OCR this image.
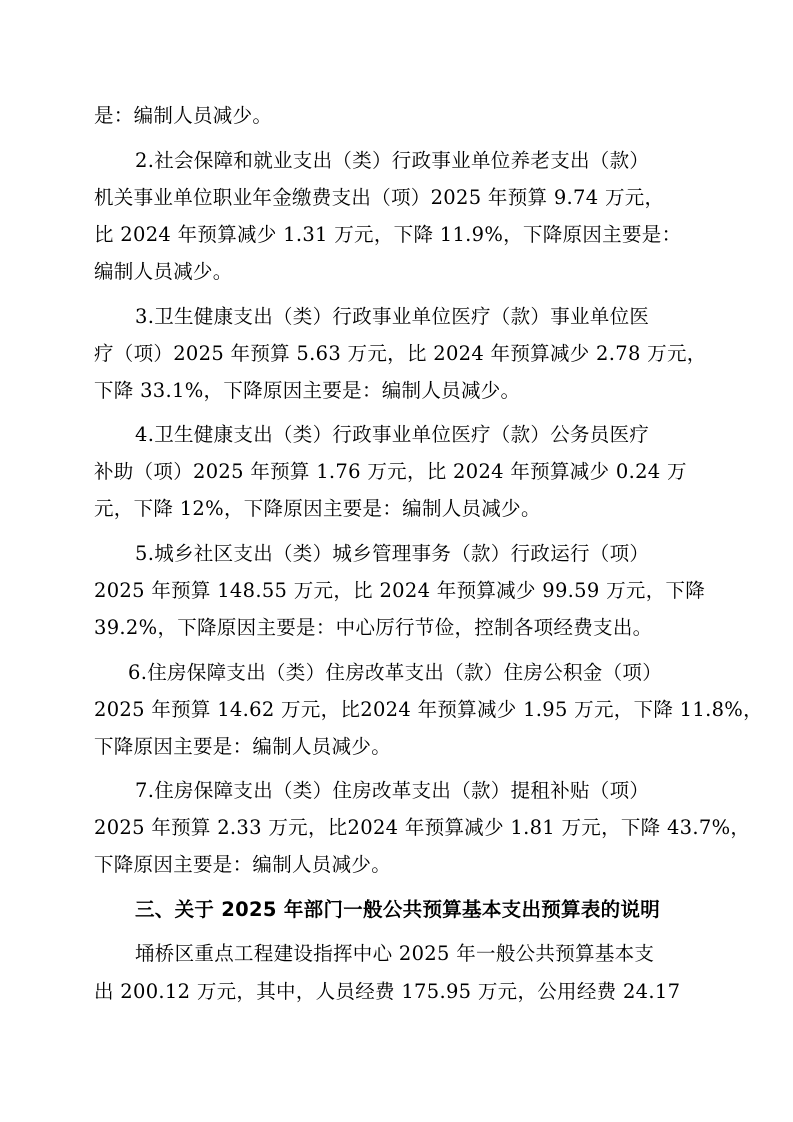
是：编制人员减少。
2.社会保障和就业支出（类）行政事业单位养老支出（款）
机关事业单位职业年金缴费支出（项）2025 年预算 9.74 万元，
比 2024 年预算减少 1.31 万元，下降 11.9%，下降原因主要是：
编制人员减少。
3.卫生健康支出（类）行政事业单位医疗（款）事业单位医
疗（项）2025 年预算 5.63 万元，比 2024 年预算减少 2.78 万元，
下降 33.1%，下降原因主要是：编制人员减少。
4.卫生健康支出（类）行政事业单位医疗（款）公务员医疗
补助（项）2025 年预算 1.76 万元，比 2024 年预算减少 0.24 万
元，下降 12%，下降原因主要是：编制人员减少。
5.城乡社区支出（类）城乡管理事务（款）行政运行（项）
2025 年预算 148.55 万元，比 2024 年预算减少 99.59 万元，下降
39.2%，下降原因主要是：中心厉行节俭，控制各项经费支出。
6.住房保障支出（类）住房改革支出（款）住房公积金（项）
2025 年预算 14.62 万元，比2024 年预算减少 1.95 万元，下降 11.8%，
下降原因主要是：编制人员减少。
7.住房保障支出（类）住房改革支出（款）提租补贴（项）
2025 年预算 2.33 万元，比2024 年预算减少 1.81 万元，下降 43.7%，
下降原因主要是：编制人员减少。
三、关于 2025 年部门一般公共预算基本支出预算表的说明
埇桥区重点工程建设指挥中心 2025 年一般公共预算基本支
出 200.12 万元，其中，人员经费 175.95 万元，公用经费 24.17
